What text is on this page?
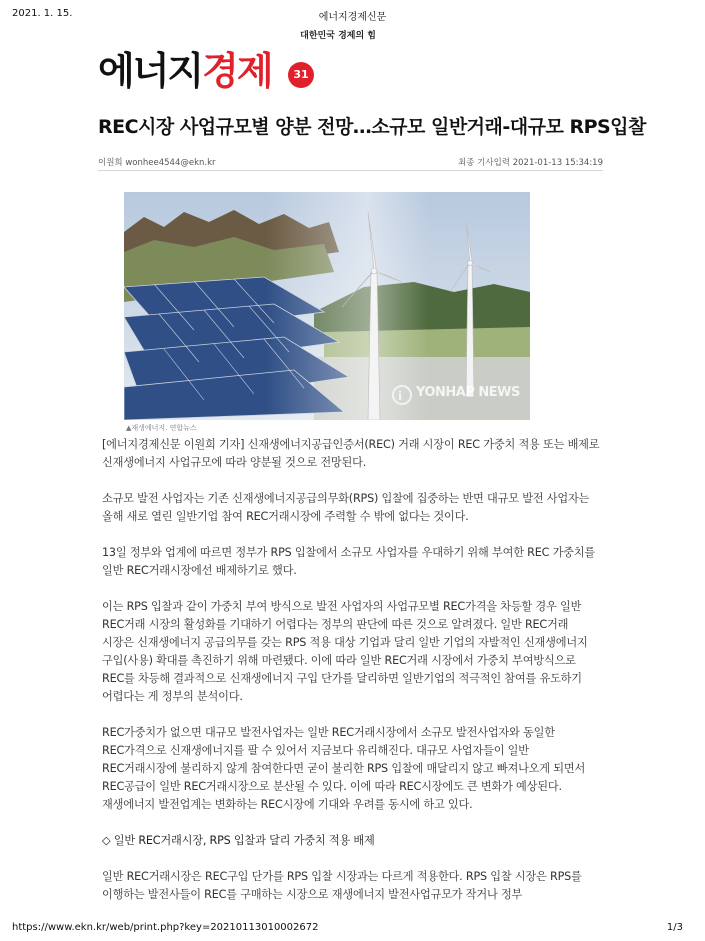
2021. 1. 15.	에너지경제신문
대한민국 경제의 힘
에너지경제	31
REC시장 사업규모별 양분 전망…소규모 일반거래-대규모 RPS입찰
이원희 wonhee4544@ekn.kr	최종 기사입력 2021-01-13 15:34:19
i YONHAP NEWS
▲재생에너지. 연합뉴스

[에너지경제신문 이원희 기자] 신재생에너지공급인증서(REC) 거래 시장이 REC 가중치 적용 또는 배제로 신재생에너지 사업규모에 따라 양분될 것으로 전망된다.

소규모 발전 사업자는 기존 신재생에너지공급의무화(RPS) 입찰에 집중하는 반면 대규모 발전 사업자는 올해 새로 열린 일반기업 참여 REC거래시장에 주력할 수 밖에 없다는 것이다.

13일 정부와 업계에 따르면 정부가 RPS 입찰에서 소규모 사업자를 우대하기 위해 부여한 REC 가중치를 일반 REC거래시장에선 배제하기로 했다.

이는 RPS 입찰과 같이 가중치 부여 방식으로 발전 사업자의 사업규모별 REC가격을 차등할 경우 일반 REC거래 시장의 활성화를 기대하기 어렵다는 정부의 판단에 따른 것으로 알려졌다. 일반 REC거래 시장은 신재생에너지 공급의무를 갖는 RPS 적용 대상 기업과 달리 일반 기업의 자발적인 신재생에너지 구입(사용) 확대를 촉진하기 위해 마련됐다. 이에 따라 일반 REC거래 시장에서 가중치 부여방식으로 REC를 차등해 결과적으로 신재생에너지 구입 단가를 달리하면 일반기업의 적극적인 참여를 유도하기 어렵다는 게 정부의 분석이다.

REC가중치가 없으면 대규모 발전사업자는 일반 REC거래시장에서 소규모 발전사업자와 동일한 REC가격으로 신재생에너지를 팔 수 있어서 지금보다 유리해진다. 대규모 사업자들이 일반 REC거래시장에 불리하지 않게 참여한다면 굳이 불리한 RPS 입찰에 매달리지 않고 빠져나오게 되면서 REC공급이 일반 REC거래시장으로 분산될 수 있다. 이에 따라 REC시장에도 큰 변화가 예상된다. 재생에너지 발전업계는 변화하는 REC시장에 기대와 우려를 동시에 하고 있다.

◇ 일반 REC거래시장, RPS 입찰과 달리 가중치 적용 배제

일반 REC거래시장은 REC구입 단가를 RPS 입찰 시장과는 다르게 적용한다. RPS 입찰 시장은 RPS를 이행하는 발전사들이 REC를 구매하는 시장으로 재생에너지 발전사업규모가 작거나 정부

https://www.ekn.kr/web/print.php?key=20210113010002672	1/3
